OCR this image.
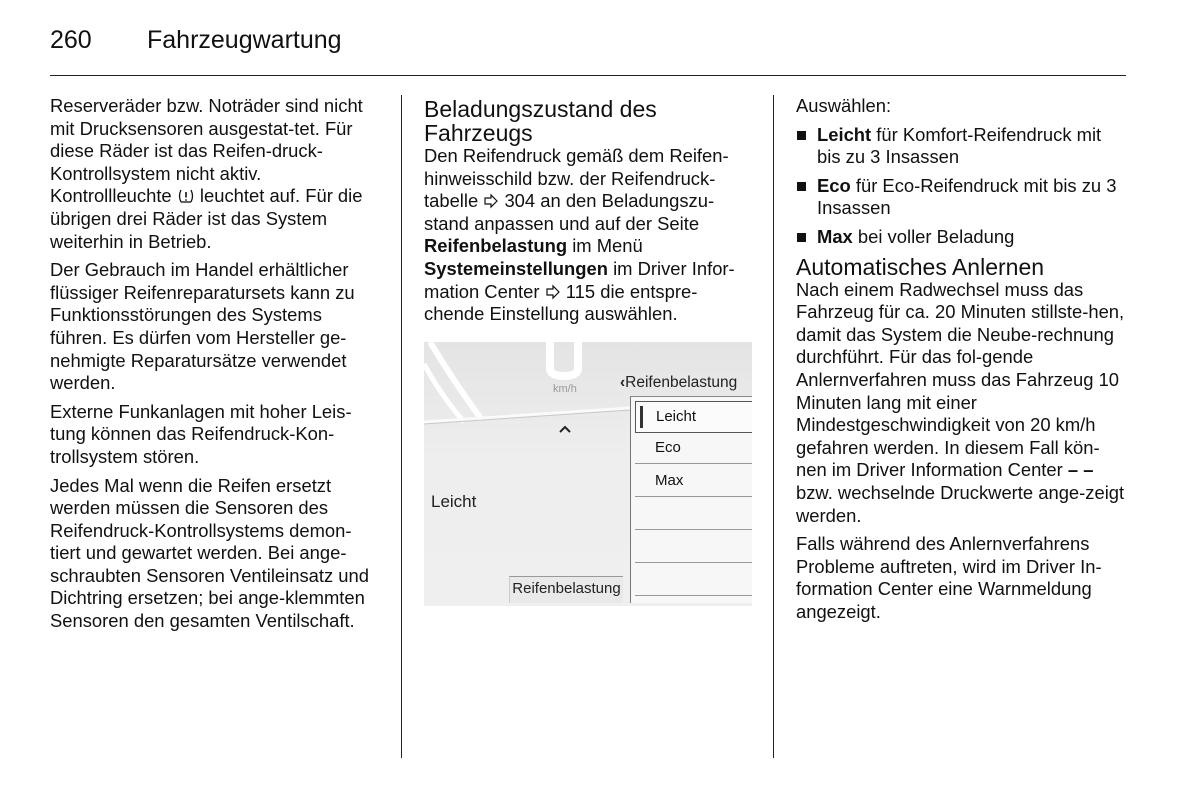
260 Fahrzeugwartung

Reserveräder bzw. Noträder sind nicht mit Drucksensoren ausgestat-tet. Für diese Räder ist das Reifen-druck-Kontrollsystem nicht aktiv. Kontrollleuchte leuchtet auf. Für die übrigen drei Räder ist das System weiterhin in Betrieb.

Der Gebrauch im Handel erhältlicher flüssiger Reifenreparatursets kann zu Funktionsstörungen des Systems führen. Es dürfen vom Hersteller ge-nehmigte Reparatursätze verwendet werden.

Externe Funkanlagen mit hoher Leis-tung können das Reifendruck-Kon-trollsystem stören.

Jedes Mal wenn die Reifen ersetzt werden müssen die Sensoren des Reifendruck-Kontrollsystems demon-tiert und gewartet werden. Bei ange-schraubten Sensoren Ventileinsatz und Dichtring ersetzen; bei ange-klemmten Sensoren den gesamten Ventilschaft.

Beladungszustand des Fahrzeugs

Den Reifendruck gemäß dem Reifen-hinweisschild bzw. der Reifendruck-tabelle 304 an den Beladungszu-stand anpassen und auf der Seite Reifenbelastung im Menü Systemeinstellungen im Driver Infor-mation Center 115 die entspre-chende Einstellung auswählen.

km/h	‹Reifenbelastung
Leicht
Reifenbelastung
Leicht
Eco
Max

Auswählen:

Leicht für Komfort-Reifendruck mit bis zu 3 Insassen
Eco für Eco-Reifendruck mit bis zu 3 Insassen
Max bei voller Beladung
Automatisches Anlernen

Nach einem Radwechsel muss das Fahrzeug für ca. 20 Minuten stillste-hen, damit das System die Neube-rechnung durchführt. Für das fol-gende Anlernverfahren muss das Fahrzeug 10 Minuten lang mit einer Mindestgeschwindigkeit von 20 km/h gefahren werden. In diesem Fall kön-nen im Driver Information Center – – bzw. wechselnde Druckwerte ange-zeigt werden.

Falls während des Anlernverfahrens Probleme auftreten, wird im Driver In-formation Center eine Warnmeldung angezeigt.
